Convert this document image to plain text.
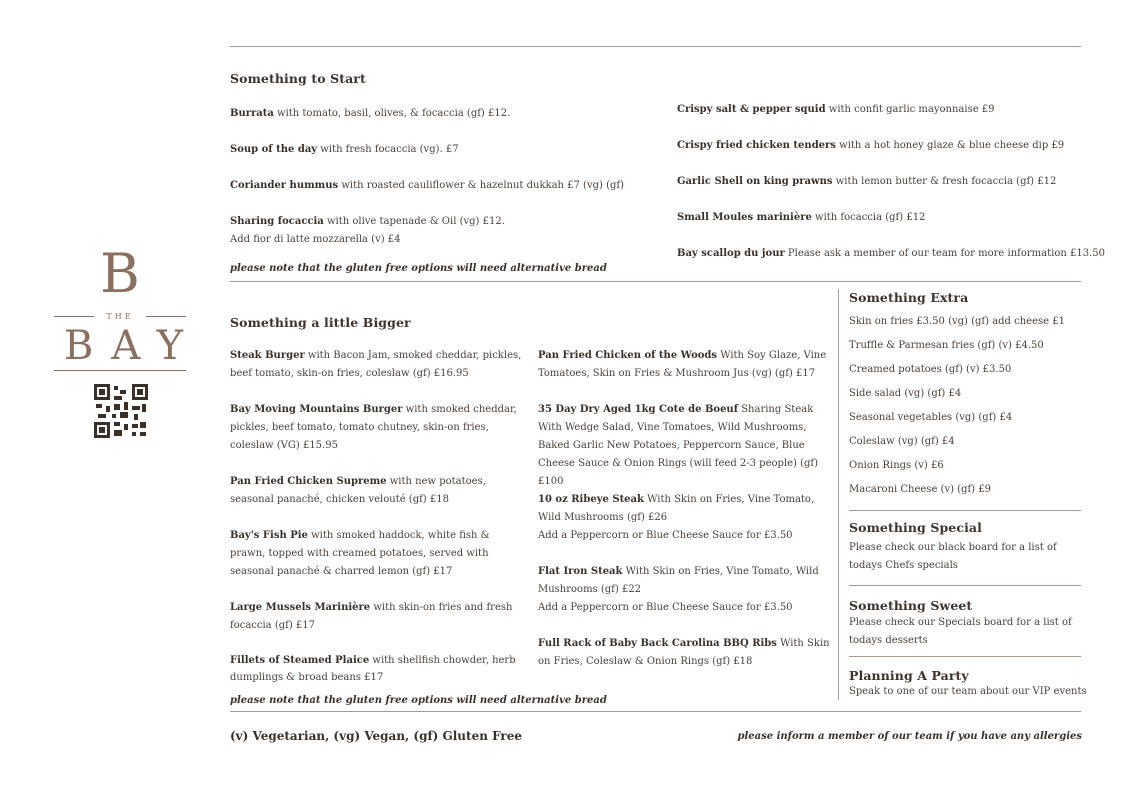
B
THE
BAY
Something to Start
Burrata with tomato, basil, olives, & focaccia (gf) £12.
Soup of the day with fresh focaccia (vg). £7
Coriander hummus with roasted cauliflower & hazelnut dukkah £7 (vg) (gf)
Sharing focaccia with olive tapenade & Oil (vg) £12.
Add fior di latte mozzarella (v) £4
please note that the gluten free options will need alternative bread
Crispy salt & pepper squid with confit garlic mayonnaise £9
Crispy fried chicken tenders with a hot honey glaze & blue cheese dip £9
Garlic Shell on king prawns with lemon butter & fresh focaccia (gf) £12
Small Moules marinière with focaccia (gf) £12
Bay scallop du jour Please ask a member of our team for more information £13.50
Something a little Bigger
Steak Burger with Bacon Jam, smoked cheddar, pickles, beef tomato, skin-on fries, coleslaw (gf) £16.95
Bay Moving Mountains Burger with smoked cheddar, pickles, beef tomato, tomato chutney, skin-on fries, coleslaw (VG) £15.95
Pan Fried Chicken Supreme with new potatoes, seasonal panaché, chicken velouté (gf) £18
Bay's Fish Pie with smoked haddock, white fish & prawn, topped with creamed potatoes, served with seasonal panaché & charred lemon (gf) £17
Large Mussels Marinière with skin-on fries and fresh focaccia (gf) £17
Fillets of Steamed Plaice with shellfish chowder, herb dumplings & broad beans £17
Pan Fried Chicken of the Woods With Soy Glaze, Vine Tomatoes, Skin on Fries & Mushroom Jus (vg) (gf) £17
35 Day Dry Aged 1kg Cote de Boeuf Sharing Steak With Wedge Salad, Vine Tomatoes, Wild Mushrooms, Baked Garlic New Potatoes, Peppercorn Sauce, Blue Cheese Sauce & Onion Rings (will feed 2-3 people) (gf) £100
10 oz Ribeye Steak With Skin on Fries, Vine Tomato, Wild Mushrooms (gf) £26
Add a Peppercorn or Blue Cheese Sauce for £3.50
Flat Iron Steak With Skin on Fries, Vine Tomato, Wild Mushrooms (gf) £22
Add a Peppercorn or Blue Cheese Sauce for £3.50
Full Rack of Baby Back Carolina BBQ Ribs With Skin on Fries, Coleslaw & Onion Rings (gf) £18
please note that the gluten free options will need alternative bread
Something Extra
Skin on fries £3.50 (vg) (gf) add cheese £1
Truffle & Parmesan fries (gf) (v) £4.50
Creamed potatoes (gf) (v) £3.50
Side salad (vg) (gf) £4
Seasonal vegetables (vg) (gf) £4
Coleslaw (vg) (gf) £4
Onion Rings (v) £6
Macaroni Cheese (v) (gf) £9
Something Special
Please check our black board for a list of todays Chefs specials
Something Sweet
Please check our Specials board for a list of todays desserts
Planning A Party
Speak to one of our team about our VIP events
(v) Vegetarian, (vg) Vegan, (gf) Gluten Free	please inform a member of our team if you have any allergies
